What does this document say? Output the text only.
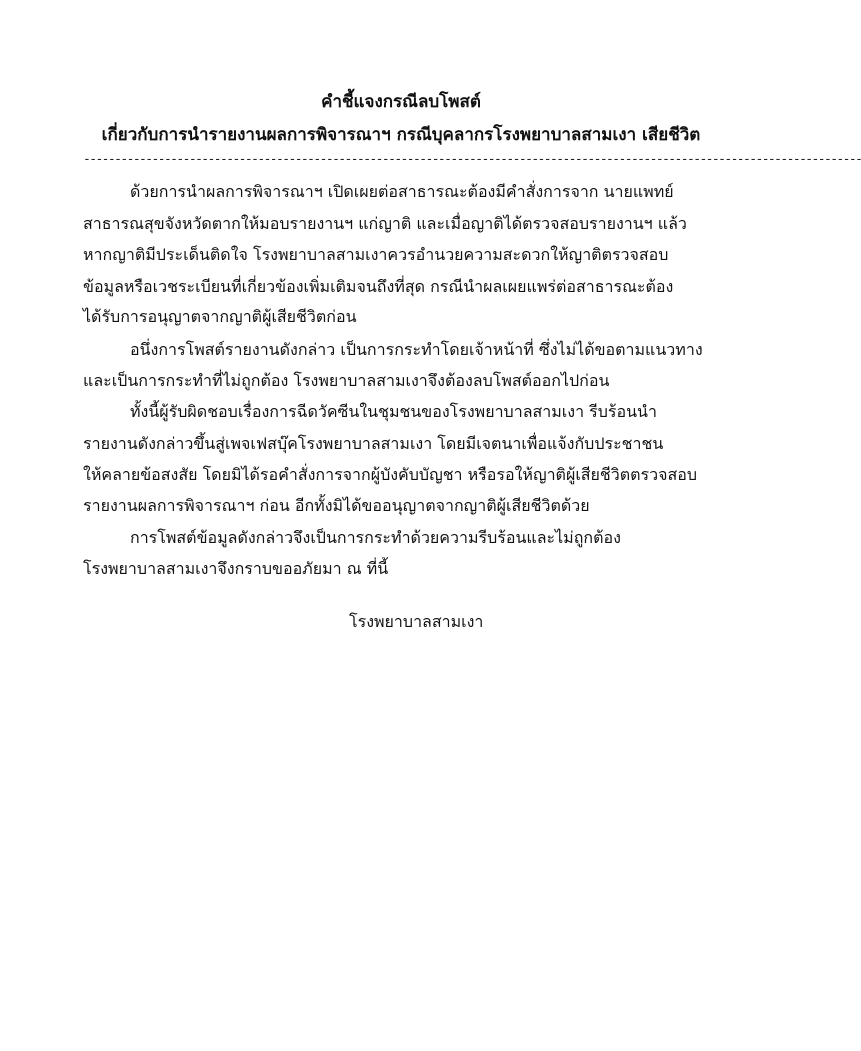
คำชี้แจงกรณีลบโพสต์
เกี่ยวกับการนำรายงานผลการพิจารณาฯ กรณีบุคลากรโรงพยาบาลสามเงา เสียชีวิต
-----------------------------------------------------------------------------------------------------------------------------
ด้วยการนำผลการพิจารณาฯ เปิดเผยต่อสาธารณะต้องมีคำสั่งการจาก นายแพทย์
สาธารณสุขจังหวัดตากให้มอบรายงานฯ แก่ญาติ และเมื่อญาติได้ตรวจสอบรายงานฯ แล้ว
หากญาติมีประเด็นติดใจ โรงพยาบาลสามเงาควรอำนวยความสะดวกให้ญาติตรวจสอบ
ข้อมูลหรือเวชระเบียนที่เกี่ยวข้องเพิ่มเติมจนถึงที่สุด กรณีนำผลเผยแพร่ต่อสาธารณะต้อง
ได้รับการอนุญาตจากญาติผู้เสียชีวิตก่อน
อนึ่งการโพสต์รายงานดังกล่าว เป็นการกระทำโดยเจ้าหน้าที่ ซึ่งไม่ได้ขอตามแนวทาง
และเป็นการกระทำที่ไม่ถูกต้อง โรงพยาบาลสามเงาจึงต้องลบโพสต์ออกไปก่อน
ทั้งนี้ผู้รับผิดชอบเรื่องการฉีดวัคซีนในชุมชนของโรงพยาบาลสามเงา รีบร้อนนำ
รายงานดังกล่าวขึ้นสู่เพจเฟสบุ๊คโรงพยาบาลสามเงา โดยมีเจตนาเพื่อแจ้งกับประชาชน
ให้คลายข้อสงสัย โดยมิได้รอคำสั่งการจากผู้บังคับบัญชา หรือรอให้ญาติผู้เสียชีวิตตรวจสอบ
รายงานผลการพิจารณาฯ ก่อน อีกทั้งมิได้ขออนุญาตจากญาติผู้เสียชีวิตด้วย
การโพสต์ข้อมูลดังกล่าวจึงเป็นการกระทำด้วยความรีบร้อนและไม่ถูกต้อง
โรงพยาบาลสามเงาจึงกราบขออภัยมา ณ ที่นี้
โรงพยาบาลสามเงา
